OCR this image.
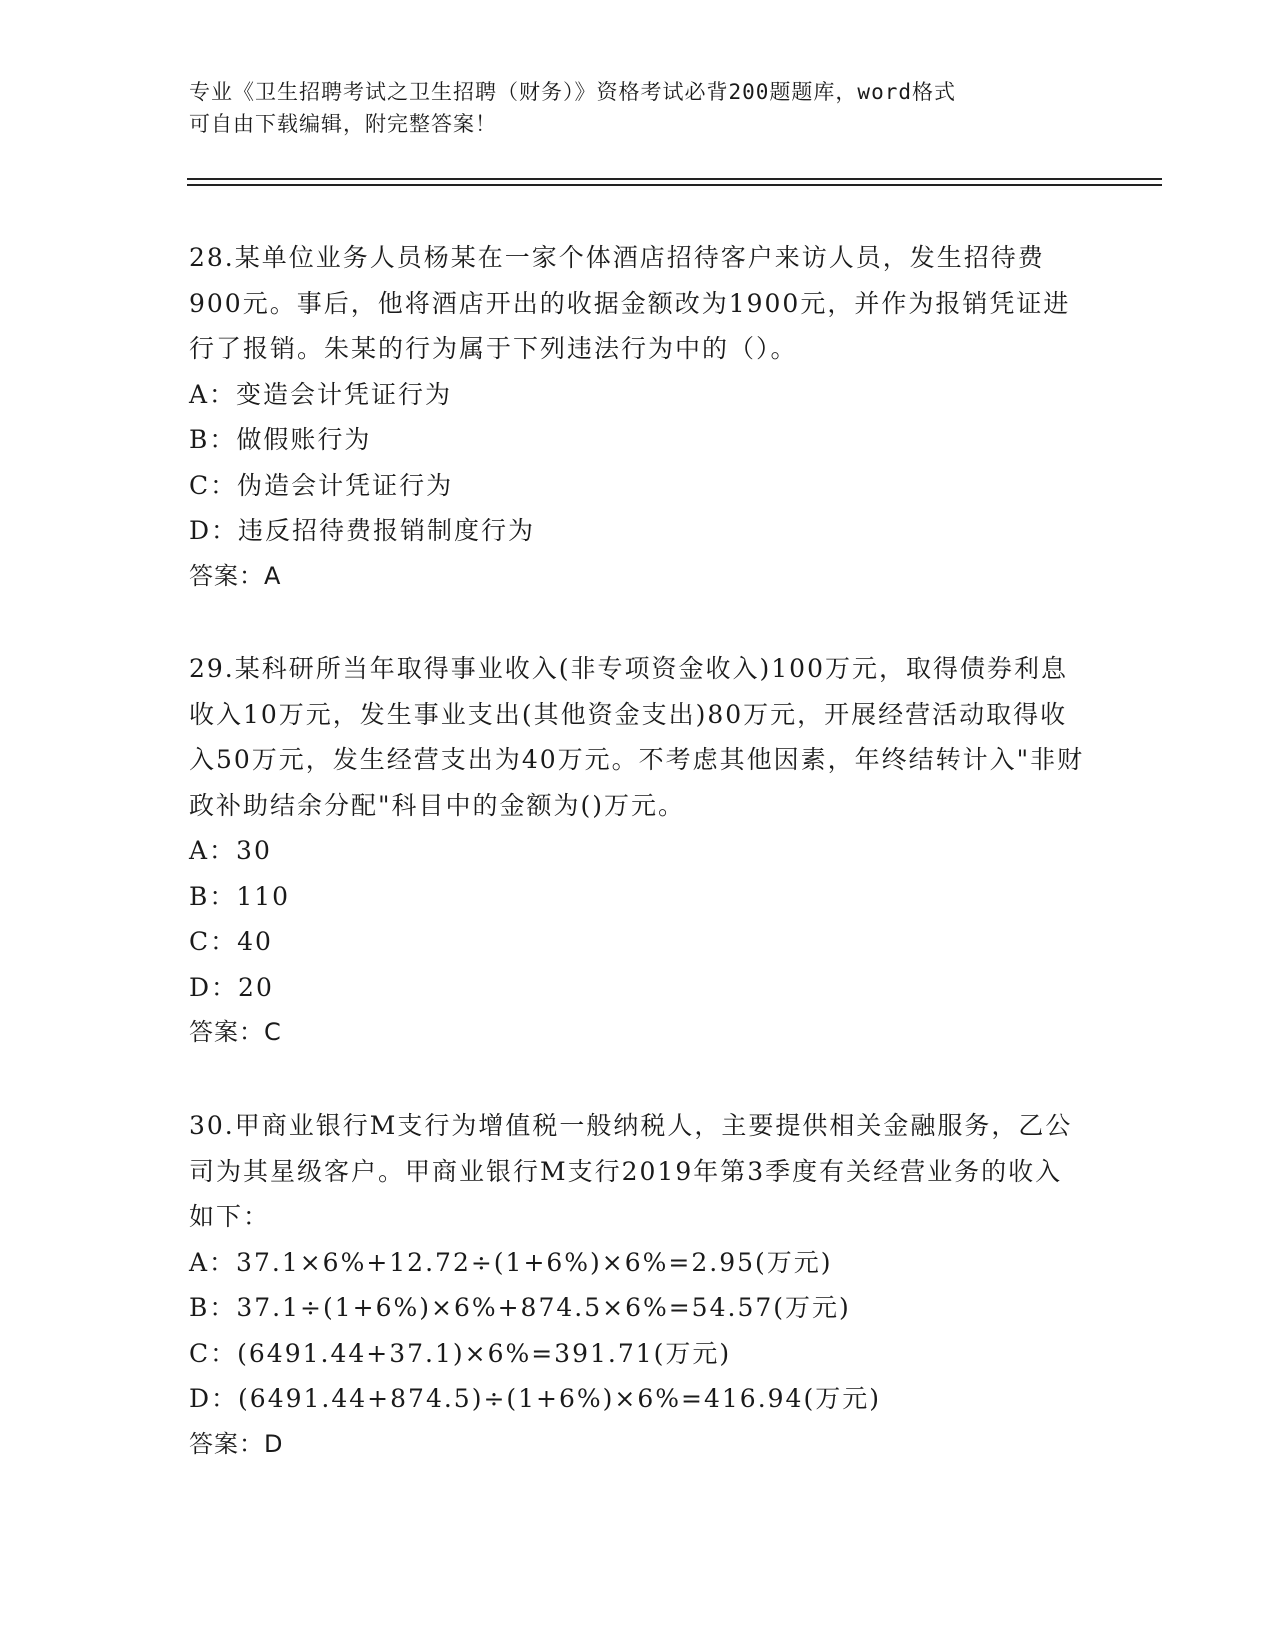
专业《卫生招聘考试之卫生招聘（财务）》资格考试必背200题题库，word格式
可自由下载编辑，附完整答案！

28.某单位业务人员杨某在一家个体酒店招待客户来访人员，发生招待费900元。事后，他将酒店开出的收据金额改为1900元，并作为报销凭证进行了报销。朱某的行为属于下列违法行为中的（）。

A：变造会计凭证行为
B：做假账行为
C：伪造会计凭证行为
D：违反招待费报销制度行为
答案：A

29.某科研所当年取得事业收入(非专项资金收入)100万元，取得债券利息收入10万元，发生事业支出(其他资金支出)80万元，开展经营活动取得收入50万元，发生经营支出为40万元。不考虑其他因素，年终结转计入"非财政补助结余分配"科目中的金额为()万元。

A：30
B：110
C：40
D：20
答案：C

30.甲商业银行M支行为增值税一般纳税人，主要提供相关金融服务，乙公司为其星级客户。甲商业银行M支行2019年第3季度有关经营业务的收入如下：

A：37.1×6%+12.72÷(1+6%)×6%=2.95(万元)
B：37.1÷(1+6%)×6%+874.5×6%=54.57(万元)
C：(6491.44+37.1)×6%=391.71(万元)
D：(6491.44+874.5)÷(1+6%)×6%=416.94(万元)
答案：D
